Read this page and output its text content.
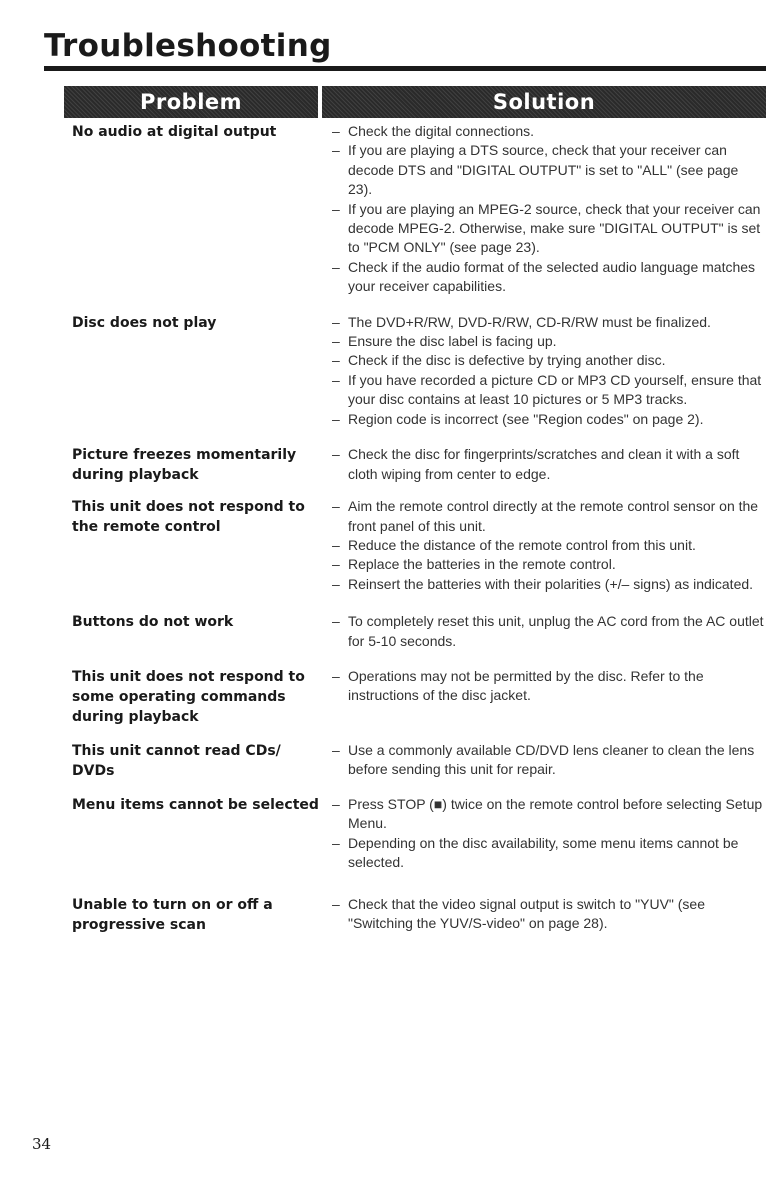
Troubleshooting
Problem	Solution
No audio at digital output	– Check the digital connections.
– If you are playing a DTS source, check that your receiver can decode DTS and "DIGITAL OUTPUT" is set to "ALL" (see page 23).
– If you are playing an MPEG-2 source, check that your receiver can decode MPEG-2. Otherwise, make sure "DIGITAL OUTPUT" is set to "PCM ONLY" (see page 23).
– Check if the audio format of the selected audio language matches your receiver capabilities.
Disc does not play	– The DVD+R/RW, DVD-R/RW, CD-R/RW must be finalized.
– Ensure the disc label is facing up.
– Check if the disc is defective by trying another disc.
– If you have recorded a picture CD or MP3 CD yourself, ensure that your disc contains at least 10 pictures or 5 MP3 tracks.
– Region code is incorrect (see "Region codes" on page 2).
Picture freezes momentarily during playback
– Check the disc for fingerprints/scratches and clean it with a soft cloth wiping from center to edge.
This unit does not respond to the remote control
– Aim the remote control directly at the remote control sensor on the front panel of this unit.
– Reduce the distance of the remote control from this unit.
– Replace the batteries in the remote control.
– Reinsert the batteries with their polarities (+/– signs) as indicated.
Buttons do not work	– To completely reset this unit, unplug the AC cord from the AC outlet for 5-10 seconds.
This unit does not respond to some operating commands during playback
– Operations may not be permitted by the disc. Refer to the instructions of the disc jacket.
This unit cannot read CDs/ DVDs
– Use a commonly available CD/DVD lens cleaner to clean the lens before sending this unit for repair.
Menu items cannot be selected	– Press STOP (■) twice on the remote control before selecting Setup Menu.
– Depending on the disc availability, some menu items cannot be selected.
Unable to turn on or off a progressive scan
– Check that the video signal output is switch to "YUV" (see "Switching the YUV/S-video" on page 28).
34
